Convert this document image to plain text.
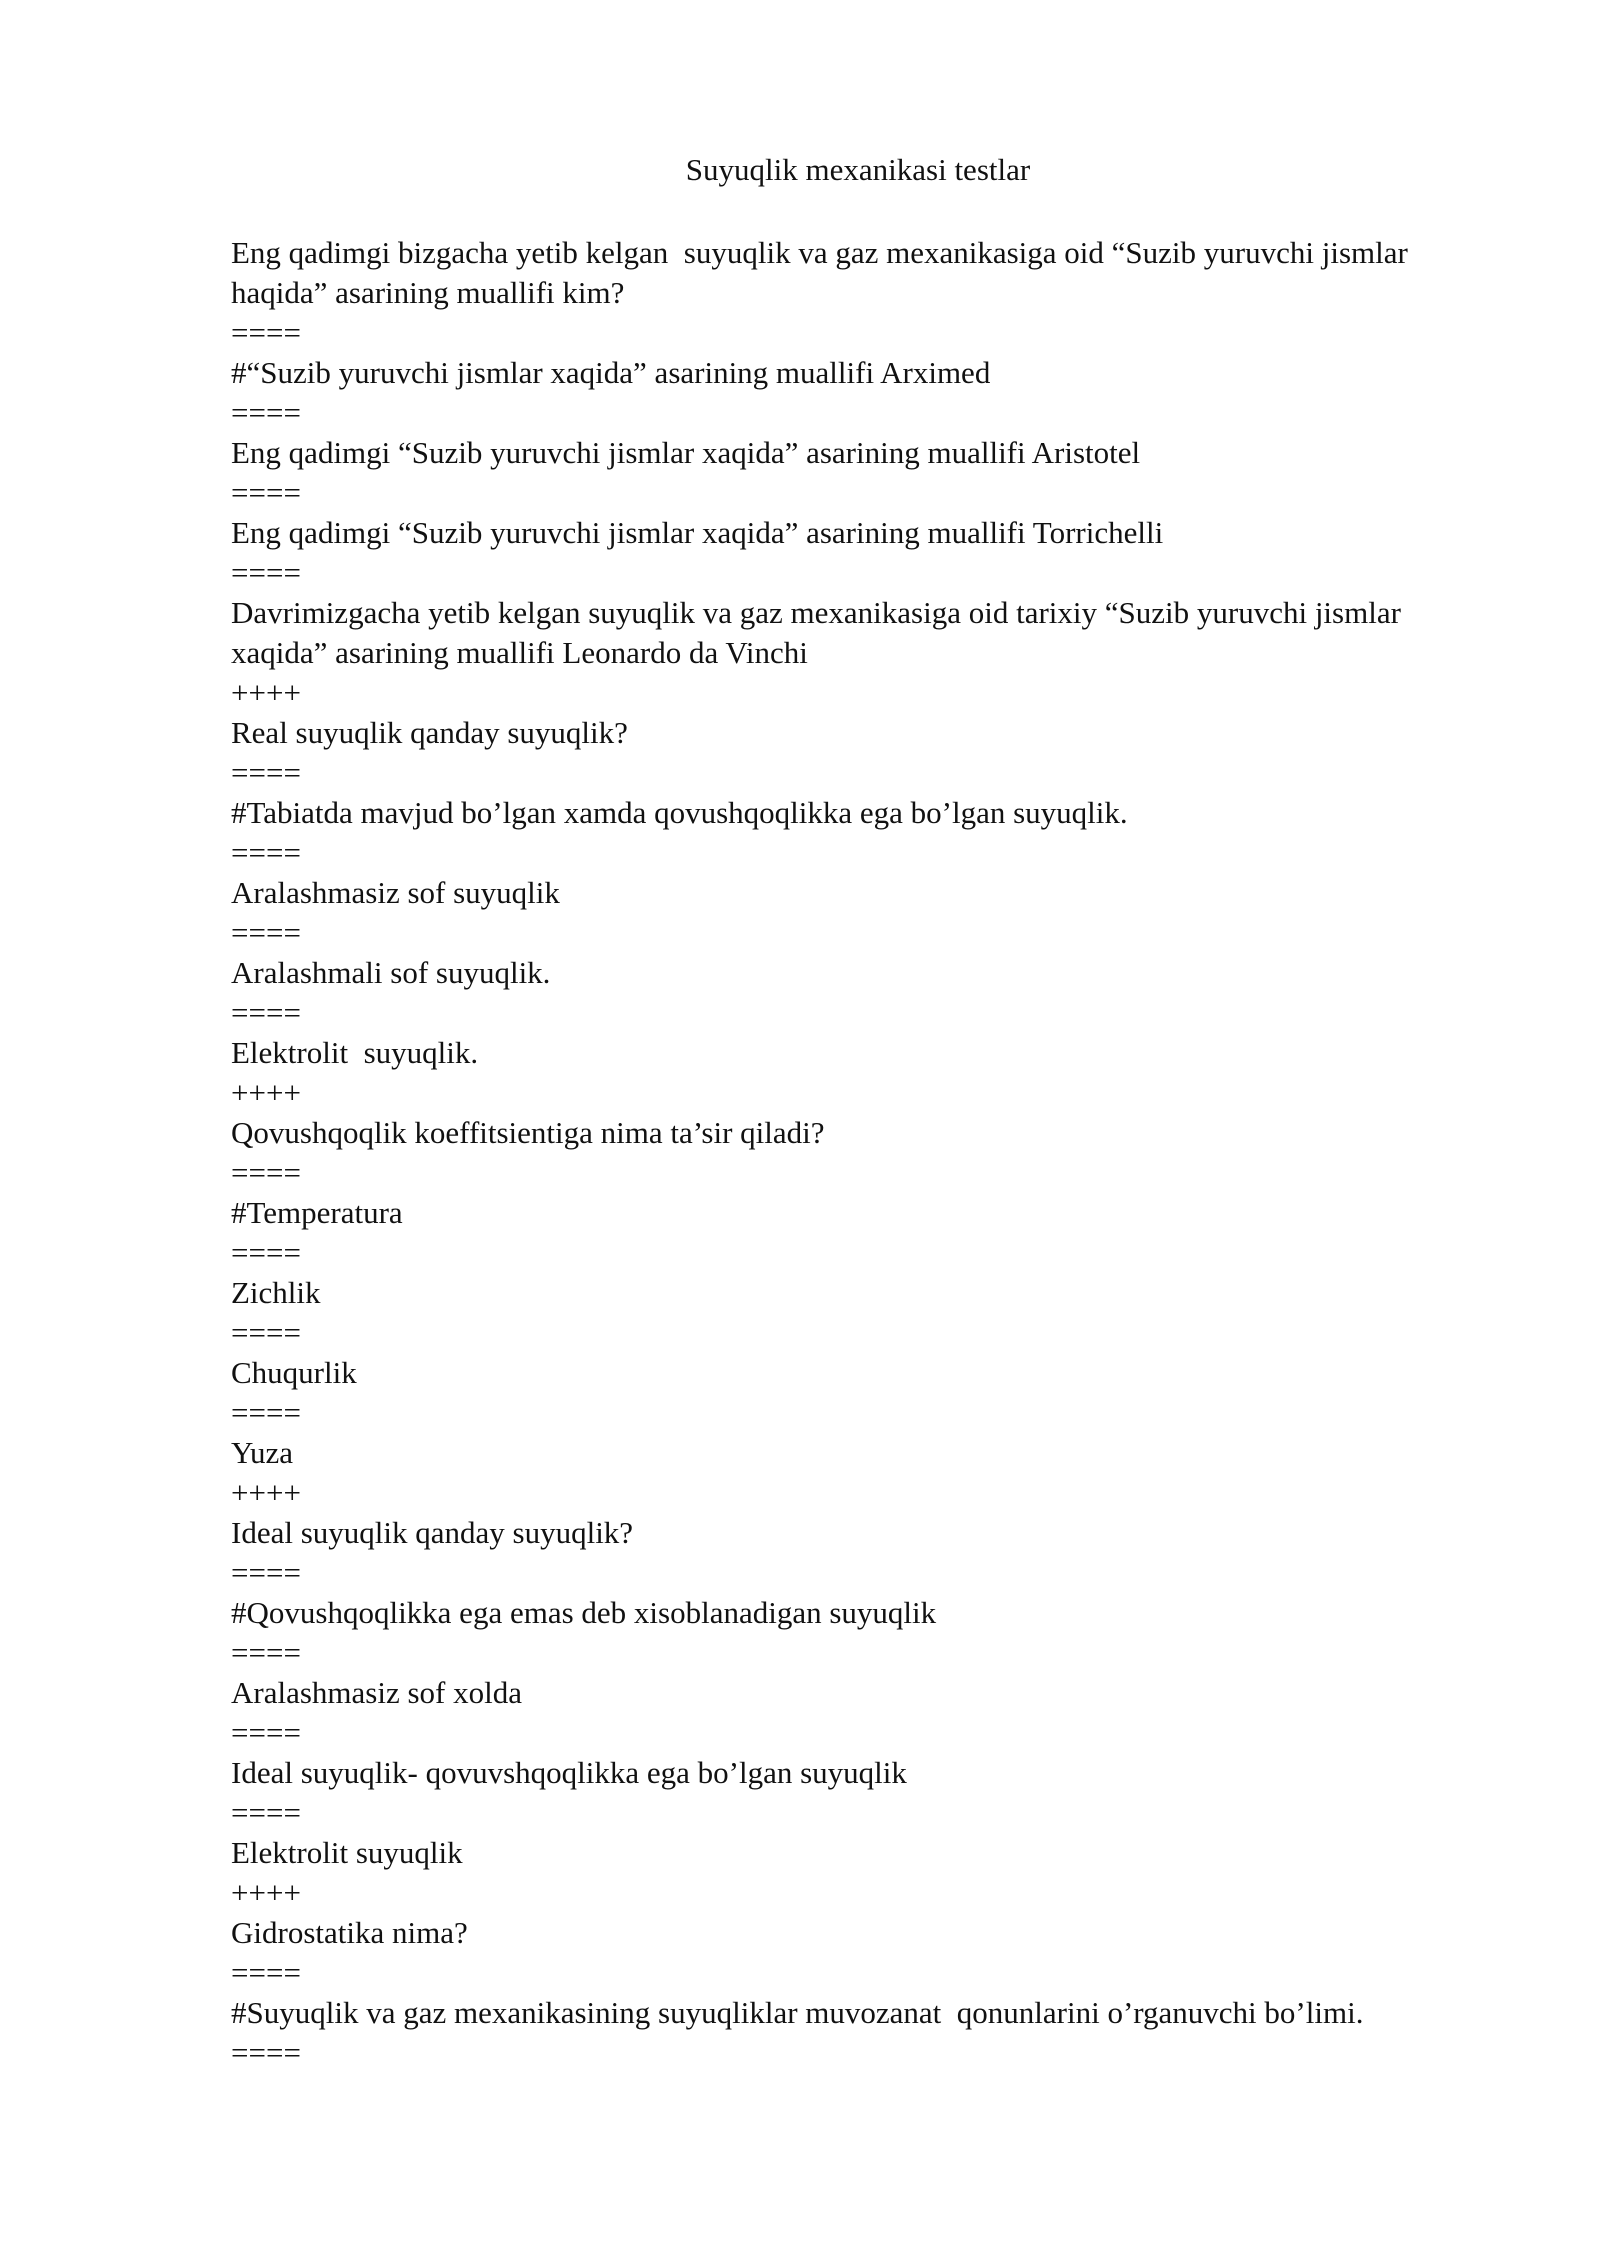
Suyuqlik mexanikasi testlar

Eng qadimgi bizgacha yetib kelgan  suyuqlik va gaz mexanikasiga oid “Suzib yuruvchi jismlar haqida” asarining muallifi kim?

====

#“Suzib yuruvchi jismlar xaqida” asarining muallifi Arximed

====

Eng qadimgi “Suzib yuruvchi jismlar xaqida” asarining muallifi Aristotel

====

Eng qadimgi “Suzib yuruvchi jismlar xaqida” asarining muallifi Torrichelli

====

Davrimizgacha yetib kelgan suyuqlik va gaz mexanikasiga oid tarixiy “Suzib yuruvchi jismlar xaqida” asarining muallifi Leonardo da Vinchi

++++

Real suyuqlik qanday suyuqlik?

====

#Tabiatda mavjud bo’lgan xamda qovushqoqlikka ega bo’lgan suyuqlik.

====

Aralashmasiz sof suyuqlik

====

Aralashmali sof suyuqlik.

====

Elektrolit  suyuqlik.

++++

Qovushqoqlik koeffitsientiga nima ta’sir qiladi?

====

#Temperatura

====

Zichlik

====

Chuqurlik

====

Yuza

++++

Ideal suyuqlik qanday suyuqlik?

====

#Qovushqoqlikka ega emas deb xisoblanadigan suyuqlik

====

Aralashmasiz sof xolda

====

Ideal suyuqlik- qovuvshqoqlikka ega bo’lgan suyuqlik

====

Elektrolit suyuqlik

++++

Gidrostatika nima?

====

#Suyuqlik va gaz mexanikasining suyuqliklar muvozanat  qonunlarini o’rganuvchi bo’limi.

====
